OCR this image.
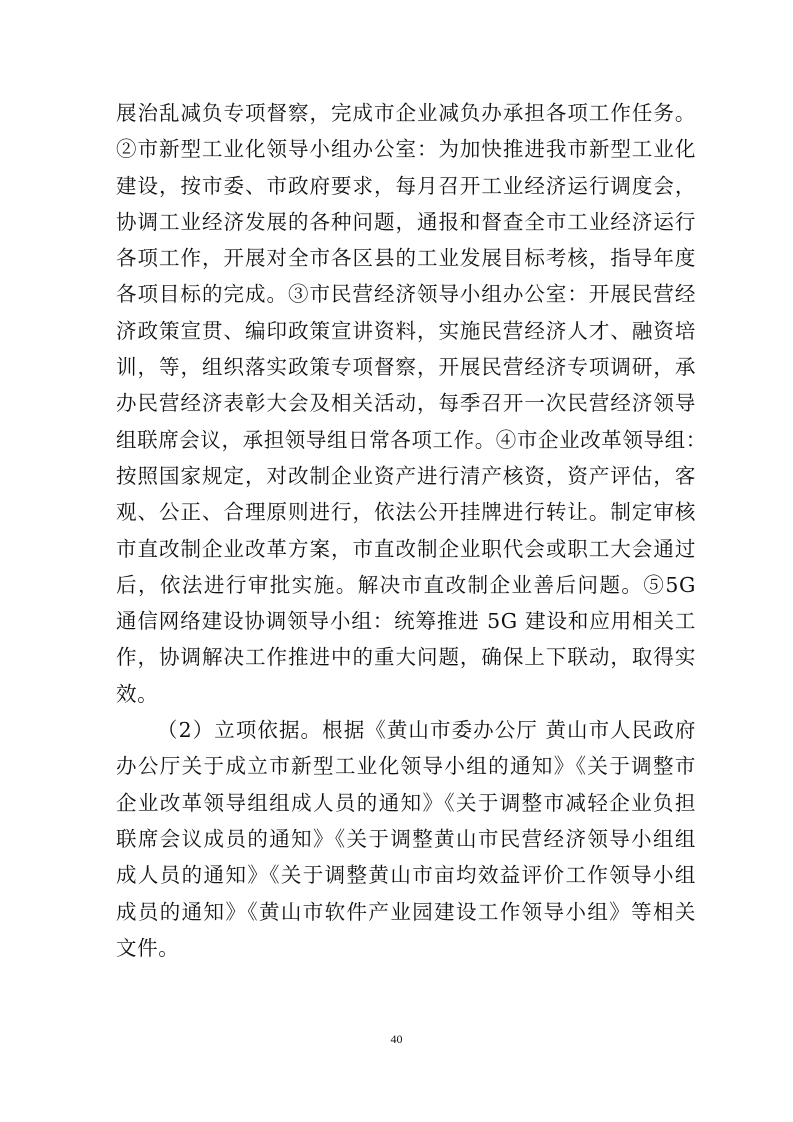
展治乱减负专项督察，完成市企业减负办承担各项工作任务。
②市新型工业化领导小组办公室：为加快推进我市新型工业化
建设，按市委、市政府要求，每月召开工业经济运行调度会，
协调工业经济发展的各种问题，通报和督查全市工业经济运行
各项工作，开展对全市各区县的工业发展目标考核，指导年度
各项目标的完成。③市民营经济领导小组办公室：开展民营经
济政策宣贯、编印政策宣讲资料，实施民营经济人才、融资培
训，等，组织落实政策专项督察，开展民营经济专项调研，承
办民营经济表彰大会及相关活动，每季召开一次民营经济领导
组联席会议，承担领导组日常各项工作。④市企业改革领导组：
按照国家规定，对改制企业资产进行清产核资，资产评估，客
观、公正、合理原则进行，依法公开挂牌进行转让。制定审核
市直改制企业改革方案，市直改制企业职代会或职工大会通过
后，依法进行审批实施。解决市直改制企业善后问题。⑤5G
通信网络建设协调领导小组：统筹推进 5G 建设和应用相关工
作，协调解决工作推进中的重大问题，确保上下联动，取得实
效。
（2）立项依据。根据《黄山市委办公厅 黄山市人民政府
办公厅关于成立市新型工业化领导小组的通知》《关于调整市
企业改革领导组组成人员的通知》《关于调整市减轻企业负担
联席会议成员的通知》《关于调整黄山市民营经济领导小组组
成人员的通知》《关于调整黄山市亩均效益评价工作领导小组
成员的通知》《黄山市软件产业园建设工作领导小组》等相关
文件。
40
